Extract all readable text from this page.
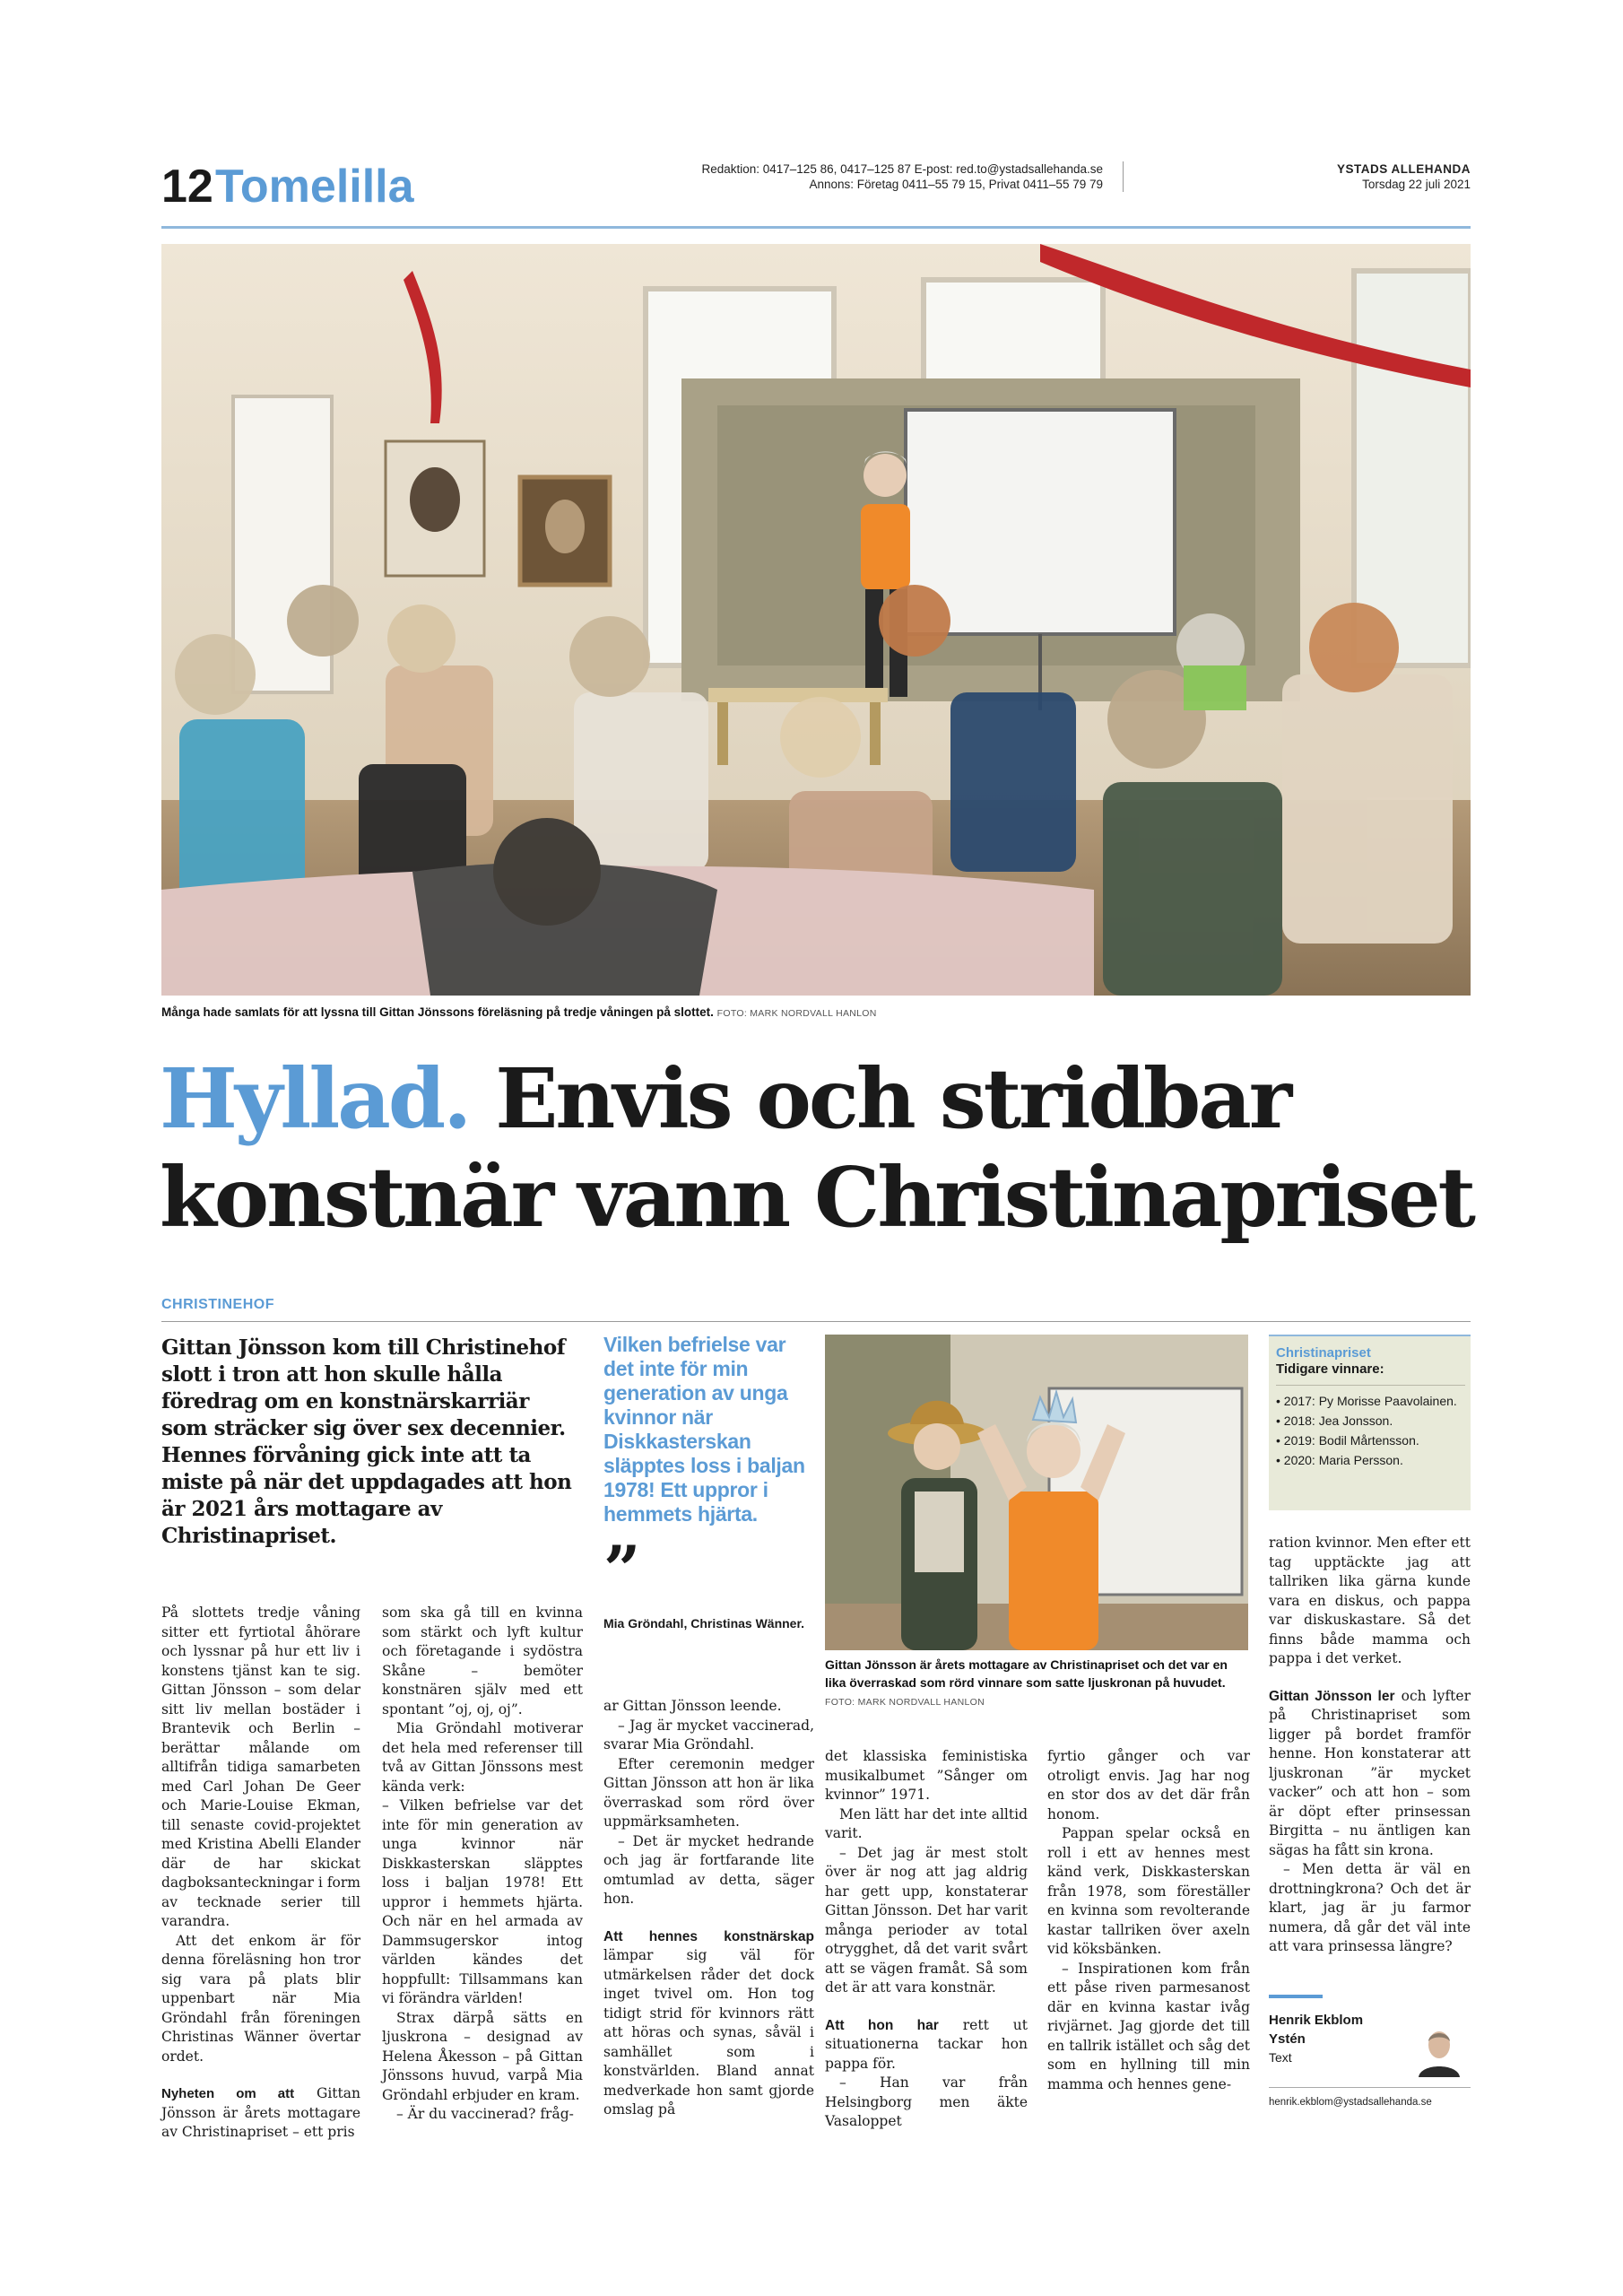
12 Tomelilla	Redaktion: 0417–125 86, 0417–125 87 E-post: red.to@ystadsallehanda.se
Annons: Företag 0411–55 79 15, Privat 0411–55 79 79
YSTADS ALLEHANDA
Torsdag 22 juli 2021
Många hade samlats för att lyssna till Gittan Jönssons föreläsning på tredje våningen på slottet. FOTO: MARK NORDVALL HANLON
Hyllad. Envis och stridbar
konstnär vann Christinapriset
CHRISTINEHOF
Gittan Jönsson kom till Christinehof slott i tron att hon skulle hålla föredrag om en konstnärskarriär som sträcker sig över sex decennier. Hennes förvåning gick inte att ta miste på när det uppdagades att hon är 2021 års mottagare av Christinapriset.

På slottets tredje våning sitter ett fyrtiotal åhörare och lyssnar på hur ett liv i konstens tjänst kan te sig. Gittan Jönsson – som delar sitt liv mellan bostäder i Brantevik och Berlin – berättar målande om alltifrån tidiga samarbeten med Carl Johan De Geer och Marie-Louise Ekman, till senaste covid-projektet med Kristina Abelli Elander där de har skickat dagboksanteckningar i form av tecknade serier till varandra.

Att det enkom är för denna föreläsning hon tror sig vara på plats blir uppenbart när Mia Gröndahl från föreningen Christinas Wänner övertar ordet.

Nyheten om att Gittan Jönsson är årets mottagare av Christinapriset – ett pris

som ska gå till en kvinna som stärkt och lyft kultur och företagande i sydöstra Skåne – bemöter konstnären själv med ett spontant ”oj, oj, oj”.

Mia Gröndahl motiverar det hela med referenser till två av Gittan Jönssons mest kända verk:

– Vilken befrielse var det inte för min generation av unga kvinnor när Diskkasterskan släpptes loss i baljan 1978! Ett uppror i hemmets hjärta. Och när en hel armada av Dammsugerskor intog världen kändes det hoppfullt: Tillsammans kan vi förändra världen!

Strax därpå sätts en ljuskrona – designad av Helena Åkesson – på Gittan Jönssons huvud, varpå Mia Gröndahl erbjuder en kram.

– Är du vaccinerad? fråg-

Vilken befrielse var det inte för min generation av unga kvinnor när Diskkasterskan släpptes loss i baljan 1978! Ett uppror i hemmets hjärta.
”
Mia Gröndahl, Christinas Wänner.

ar Gittan Jönsson leende.

– Jag är mycket vaccinerad, svarar Mia Gröndahl.

Efter ceremonin medger Gittan Jönsson att hon är lika överraskad som rörd över uppmärksamheten.

– Det är mycket hedrande och jag är fortfarande lite omtumlad av detta, säger hon.

Att hennes konstnärskap lämpar sig väl för utmärkelsen råder det dock inget tvivel om. Hon tog tidigt strid för kvinnors rätt att höras och synas, såväl i samhället som i konstvärlden. Bland annat medverkade hon samt gjorde omslag på

Gittan Jönsson är årets mottagare av Christinapriset och det var en lika överraskad som rörd vinnare som satte ljuskronan på huvudet. FOTO: MARK NORDVALL HANLON

det klassiska feministiska musikalbumet ”Sånger om kvinnor” 1971.

Men lätt har det inte alltid varit.

– Det jag är mest stolt över är nog att jag aldrig har gett upp, konstaterar Gittan Jönsson. Det har varit många perioder av total otrygghet, då det varit svårt att se vägen framåt. Så som det är att vara konstnär.

Att hon har rett ut situationerna tackar hon pappa för.

– Han var från Helsingborg men äkte Vasaloppet

fyrtio gånger och var otroligt envis. Jag har nog en stor dos av det där från honom.

Pappan spelar också en roll i ett av hennes mest känd verk, Diskkasterskan från 1978, som föreställer en kvinna som revolterande kastar tallriken över axeln vid köksbänken.

– Inspirationen kom från ett påse riven parmesanost där en kvinna kastar ivåg rivjärnet. Jag gjorde det till en tallrik istället och såg det som en hyllning till min mamma och hennes gene-

Christinapriset
Tidigare vinnare:
• 2017: Py Morisse Paavolainen.
• 2018: Jea Jonsson.
• 2019: Bodil Mårtensson.
• 2020: Maria Persson.

ration kvinnor. Men efter ett tag upptäckte jag att tallriken lika gärna kunde vara en diskus, och pappa var diskuskastare. Så det finns både mamma och pappa i det verket.

Gittan Jönsson ler och lyfter på Christinapriset som ligger på bordet framför henne. Hon konstaterar att ljuskronan ”är mycket vacker” och att hon – som är döpt efter prinsessan Birgitta – nu äntligen kan sägas ha fått sin krona.

– Men detta är väl en drottningkrona? Och det är klart, jag är ju farmor numera, då går det väl inte att vara prinsessa längre?

Henrik Ekblom
Ystén
Text
henrik.ekblom@ystadsallehanda.se
